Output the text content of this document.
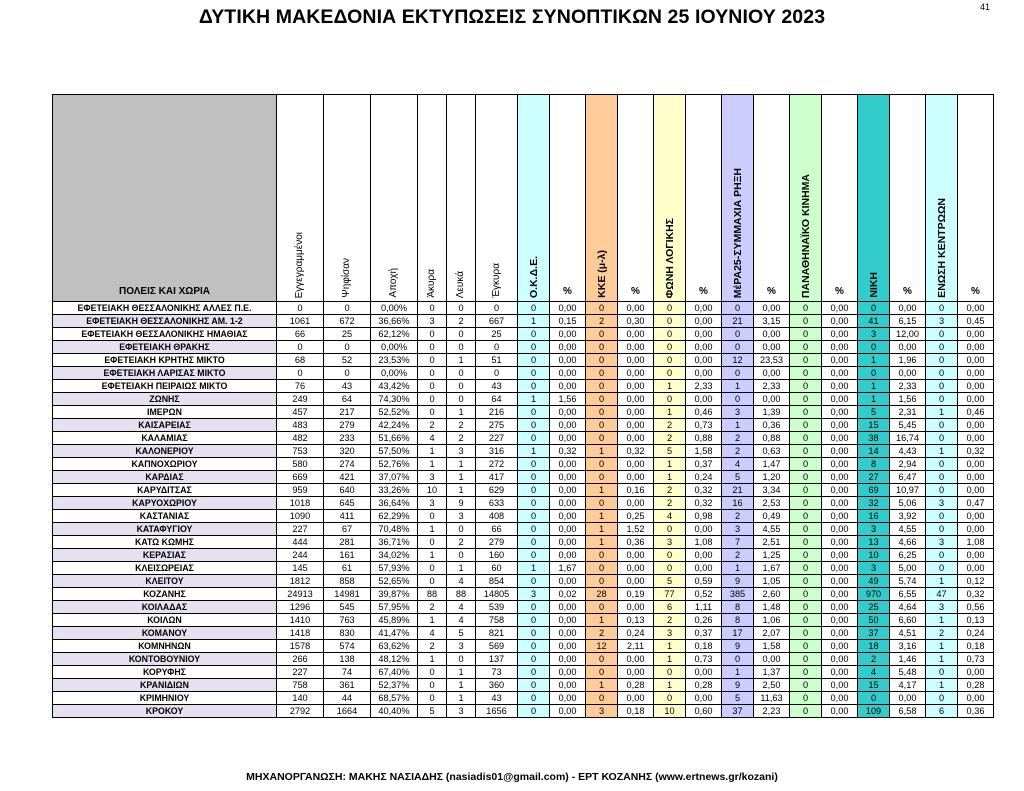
41
ΔΥΤΙΚΗ ΜΑΚΕΔΟΝΙΑ ΕΚΤΥΠΩΣΕΙΣ ΣΥΝΟΠΤΙΚΩΝ 25 ΙΟΥΝΙΟΥ 2023
ΠΟΛΕΙΣ ΚΑΙ ΧΩΡΙΑ	Εγγεγραμμένοι	Ψηφίσαν	Αποχή	Άκυρα	Λευκά	Έγκυρα	Ο.Κ.Δ.Ε.	%	ΚΚΕ (μ-λ)	%	ΦΩΝΗ ΛΟΓΙΚΗΣ	%	ΜέΡΑ25-ΣΥΜΜΑΧΙΑ ΡΗΞΗ	%	ΠΑΝΑΘΗΝΑΪΚΟ ΚΙΝΗΜΑ	%	ΝΙΚΗ	%	ΕΝΩΣΗ ΚΕΝΤΡΩΩΝ	%
ΕΦΕΤΕΙΑΚΗ ΘΕΣΣΑΛΟΝΙΚΗΣ ΑΛΛΕΣ Π.Ε.	0	0	0,00%	0	0	0	0	0,00	0	0,00	0	0,00	0	0,00	0	0,00	0	0,00	0	0,00
ΕΦΕΤΕΙΑΚΗ ΘΕΣΣΑΛΟΝΙΚΗΣ ΑΜ. 1-2	1061	672	36,66%	3	2	667	1	0,15	2	0,30	0	0,00	21	3,15	0	0,00	41	6,15	3	0,45
ΕΦΕΤΕΙΑΚΗ ΘΕΣΣΑΛΟΝΙΚΗΣ ΗΜΑΘΙΑΣ	66	25	62,12%	0	0	25	0	0,00	0	0,00	0	0,00	0	0,00	0	0,00	3	12,00	0	0,00
ΕΦΕΤΕΙΑΚΗ ΘΡΑΚΗΣ	0	0	0,00%	0	0	0	0	0,00	0	0,00	0	0,00	0	0,00	0	0,00	0	0,00	0	0,00
ΕΦΕΤΕΙΑΚΗ ΚΡΗΤΗΣ ΜΙΚΤΟ	68	52	23,53%	0	1	51	0	0,00	0	0,00	0	0,00	12	23,53	0	0,00	1	1,96	0	0,00
ΕΦΕΤΕΙΑΚΗ ΛΑΡΙΣΑΣ ΜΙΚΤΟ	0	0	0,00%	0	0	0	0	0,00	0	0,00	0	0,00	0	0,00	0	0,00	0	0,00	0	0,00
ΕΦΕΤΕΙΑΚΗ ΠΕΙΡΑΙΩΣ ΜΙΚΤΟ	76	43	43,42%	0	0	43	0	0,00	0	0,00	1	2,33	1	2,33	0	0,00	1	2,33	0	0,00
ΖΩΝΗΣ	249	64	74,30%	0	0	64	1	1,56	0	0,00	0	0,00	0	0,00	0	0,00	1	1,56	0	0,00
ΙΜΕΡΩΝ	457	217	52,52%	0	1	216	0	0,00	0	0,00	1	0,46	3	1,39	0	0,00	5	2,31	1	0,46
ΚΑΙΣΑΡΕΙΑΣ	483	279	42,24%	2	2	275	0	0,00	0	0,00	2	0,73	1	0,36	0	0,00	15	5,45	0	0,00
ΚΑΛΑΜΙΑΣ	482	233	51,66%	4	2	227	0	0,00	0	0,00	2	0,88	2	0,88	0	0,00	38	16,74	0	0,00
ΚΑΛΟΝΕΡΙΟΥ	753	320	57,50%	1	3	316	1	0,32	1	0,32	5	1,58	2	0,63	0	0,00	14	4,43	1	0,32
ΚΑΠΝΟΧΩΡΙΟΥ	580	274	52,76%	1	1	272	0	0,00	0	0,00	1	0,37	4	1,47	0	0,00	8	2,94	0	0,00
ΚΑΡΔΙΑΣ	669	421	37,07%	3	1	417	0	0,00	0	0,00	1	0,24	5	1,20	0	0,00	27	6,47	0	0,00
ΚΑΡΥΔΙΤΣΑΣ	959	640	33,26%	10	1	629	0	0,00	1	0,16	2	0,32	21	3,34	0	0,00	69	10,97	0	0,00
ΚΑΡΥΟΧΩΡΙΟΥ	1018	645	36,64%	3	9	633	0	0,00	0	0,00	2	0,32	16	2,53	0	0,00	32	5,06	3	0,47
ΚΑΣΤΑΝΙΑΣ	1090	411	62,29%	0	3	408	0	0,00	1	0,25	4	0,98	2	0,49	0	0,00	16	3,92	0	0,00
ΚΑΤΑΦΥΓΙΟΥ	227	67	70,48%	1	0	66	0	0,00	1	1,52	0	0,00	3	4,55	0	0,00	3	4,55	0	0,00
ΚΑΤΩ ΚΩΜΗΣ	444	281	36,71%	0	2	279	0	0,00	1	0,36	3	1,08	7	2,51	0	0,00	13	4,66	3	1,08
ΚΕΡΑΣΙΑΣ	244	161	34,02%	1	0	160	0	0,00	0	0,00	0	0,00	2	1,25	0	0,00	10	6,25	0	0,00
ΚΛΕΙΣΩΡΕΙΑΣ	145	61	57,93%	0	1	60	1	1,67	0	0,00	0	0,00	1	1,67	0	0,00	3	5,00	0	0,00
ΚΛΕΙΤΟΥ	1812	858	52,65%	0	4	854	0	0,00	0	0,00	5	0,59	9	1,05	0	0,00	49	5,74	1	0,12
ΚΟΖΑΝΗΣ	24913	14981	39,87%	88	88	14805	3	0,02	28	0,19	77	0,52	385	2,60	0	0,00	970	6,55	47	0,32
ΚΟΙΛΑΔΑΣ	1296	545	57,95%	2	4	539	0	0,00	0	0,00	6	1,11	8	1,48	0	0,00	25	4,64	3	0,56
ΚΟΙΛΩΝ	1410	763	45,89%	1	4	758	0	0,00	1	0,13	2	0,26	8	1,06	0	0,00	50	6,60	1	0,13
ΚΟΜΑΝΟΥ	1418	830	41,47%	4	5	821	0	0,00	2	0,24	3	0,37	17	2,07	0	0,00	37	4,51	2	0,24
ΚΟΜΝΗΝΩΝ	1578	574	63,62%	2	3	569	0	0,00	12	2,11	1	0,18	9	1,58	0	0,00	18	3,16	1	0,18
ΚΟΝΤΟΒΟΥΝΙΟΥ	266	138	48,12%	1	0	137	0	0,00	0	0,00	1	0,73	0	0,00	0	0,00	2	1,46	1	0,73
ΚΟΡΥΦΗΣ	227	74	67,40%	0	1	73	0	0,00	0	0,00	0	0,00	1	1,37	0	0,00	4	5,48	0	0,00
ΚΡΑΝΙΔΙΩΝ	758	361	52,37%	0	1	360	0	0,00	1	0,28	1	0,28	9	2,50	0	0,00	15	4,17	1	0,28
ΚΡΙΜΗΝΙΟΥ	140	44	68,57%	0	1	43	0	0,00	0	0,00	0	0,00	5	11,63	0	0,00	0	0,00	0	0,00
ΚΡΟΚΟΥ	2792	1664	40,40%	5	3	1656	0	0,00	3	0,18	10	0,60	37	2,23	0	0,00	109	6,58	6	0,36
ΜΗΧΑΝΟΡΓΑΝΩΣΗ: ΜΑΚΗΣ ΝΑΣΙΑΔΗΣ (nasiadis01@gmail.com) - ΕΡΤ ΚΟΖΑΝΗΣ (www.ertnews.gr/kozani)
